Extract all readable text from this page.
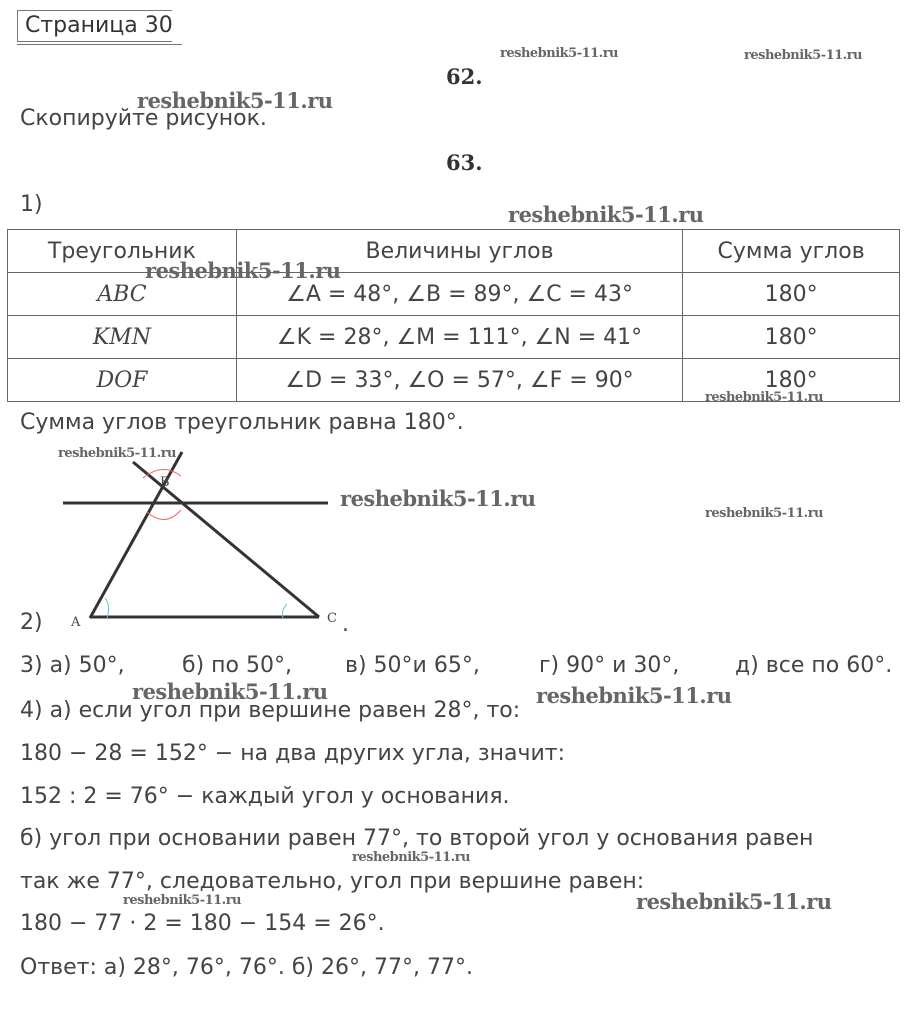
Страница 30
reshebnik5-11.ru	reshebnik5-11.ru
reshebnik5-11.ru
reshebnik5-11.ru
reshebnik5-11.ru
reshebnik5-11.ru
reshebnik5-11.ru
reshebnik5-11.ru
reshebnik5-11.ru
reshebnik5-11.ru	reshebnik5-11.ru
reshebnik5-11.ru
reshebnik5-11.ru	reshebnik5-11.ru
62.
Скопируйте рисунок.
63.
1)
Треугольник	Величины углов	Сумма углов
ABC	∠A = 48°, ∠B = 89°, ∠C = 43°	180°
KMN	∠K = 28°, ∠M = 111°, ∠N = 41°	180°
DOF	∠D = 33°, ∠O = 57°, ∠F = 90°	180°
Сумма углов треугольник равна 180°.
B
A	C
2)	.
3) а) 50°,	б) по 50°, в) 50°и 65°,	г) 90° и 30°,	д) все по 60°.
4) а) если угол при вершине равен 28°, то:
180 − 28 = 152° − на два других угла, значит:
152 : 2 = 76° − каждый угол у основания.
б) угол при основании равен 77°, то второй угол у основания равен
так же 77°, следовательно, угол при вершине равен:
180 − 77 · 2 = 180 − 154 = 26°.
Ответ: а) 28°, 76°, 76°. б) 26°, 77°, 77°.
